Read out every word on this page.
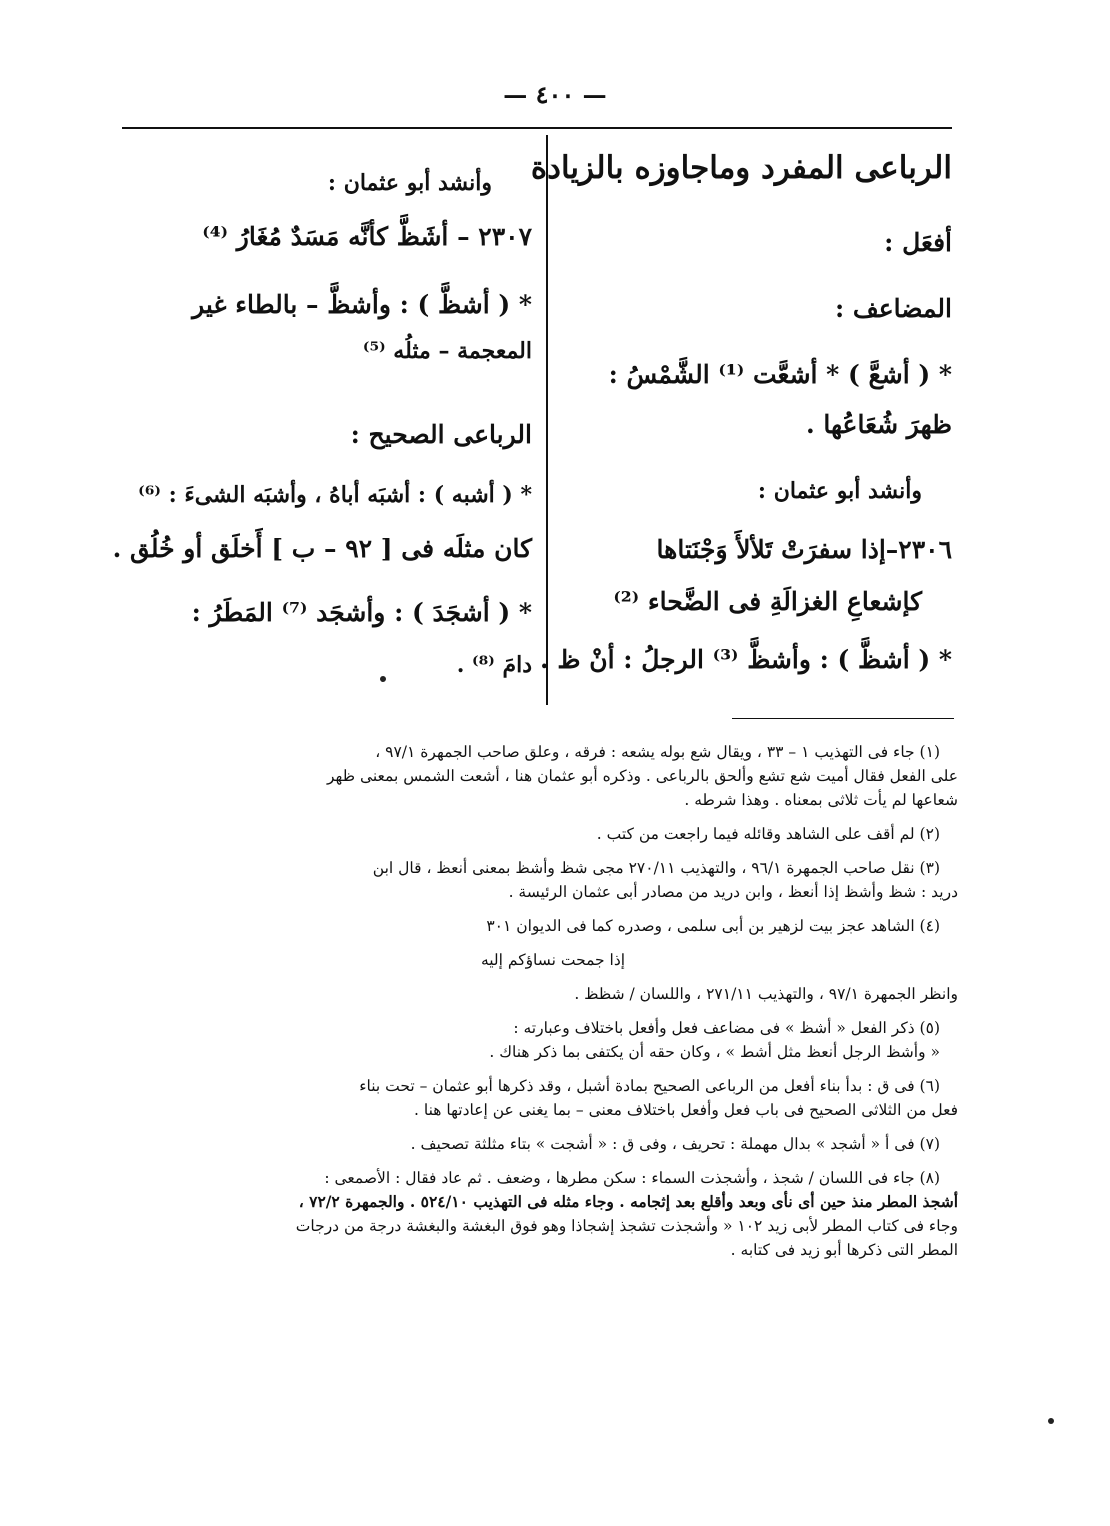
— ٤٠٠ —
الرباعى المفرد وماجاوزه بالزيادة
أفعَل :
المضاعف :
* ( أشعَّ ) * أشعَّت ⁽¹⁾ الشَّمْسُ :
ظهرَ شُعَاعُها .
وأنشد أبو عثمان :
٢٣٠٦–إذا سفرَتْ تَلألأَ وَجْنَتاها
كإشعاعِ الغزالَةِ فى الضَّحاء ⁽²⁾
* ( أشظَّ ) : وأشظَّ ⁽³⁾ الرجلُ : أنْ ظ .
وأنشد أبو عثمان :
٢٣٠٧ – أشَظَّ كأنَّه مَسَدٌ مُغَارُ ⁽⁴⁾
* ( أشظَّ ) : وأشظَّ – بالطاء غير
المعجمة – مثلُه ⁽⁵⁾
الرباعى الصحيح :
* ( أشبه ) : أشبَه أباهُ ، وأشبَه الشىءَ : ⁽⁶⁾
كان مثلَه فى [ ٩٢ – ب ] أَخلَق أو خُلُق .
* ( أشجَدَ ) : وأشجَد ⁽⁷⁾ المَطَرُ :
دامَ ⁽⁸⁾ .

(١) جاء فى التهذيب ١ – ٣٣ ، ويقال شع بوله يشعه : فرقه ، وعلق صاحب الجمهرة ٩٧/١ ،

على الفعل فقال أميت شع تشع وألحق بالرباعى . وذكره أبو عثمان هنا ، أشعت الشمس بمعنى ظهر

شعاعها لم يأت ثلاثى بمعناه . وهذا شرطه .

(٢) لم أقف على الشاهد وقائله فيما راجعت من كتب .

(٣) نقل صاحب الجمهرة ٩٦/١ ، والتهذيب ٢٧٠/١١ مجى شظ وأشظ بمعنى أنعظ ، قال ابن

دريد : شظ وأشظ إذا أنعظ ، وابن دريد من مصادر أبى عثمان الرئيسة .

(٤) الشاهد عجز بيت لزهير بن أبى سلمى ، وصدره كما فى الديوان ٣٠١

إذا جمحت نساؤكم إليه

وانظر الجمهرة ٩٧/١ ، والتهذيب ٢٧١/١١ ، واللسان / شظظ .

(٥) ذكر الفعل « أشظ » فى مضاعف فعل وأفعل باختلاف وعبارته :

« وأشظ الرجل أنعظ مثل أشط » ، وكان حقه أن يكتفى بما ذكر هناك .

(٦) فى ق : بدأ بناء أفعل من الرباعى الصحيح بمادة أشبل ، وقد ذكرها أبو عثمان – تحت بناء

فعل من الثلاثى الصحيح فى باب فعل وأفعل باختلاف معنى – بما يغنى عن إعادتها هنا .

(٧) فى أ « أشجد » بدال مهملة : تحريف ، وفى ق : « أشجت » بتاء مثلثة تصحيف .

(٨) جاء فى اللسان / شجذ ، وأشجذت السماء : سكن مطرها ، وضعف . ثم عاد فقال : الأصمعى :

أشجذ المطر منذ حين أى نأى وبعد وأقلع بعد إثجامه . وجاء مثله فى التهذيب ٥٢٤/١٠ . والجمهرة ٧٢/٢ ،

وجاء فى كتاب المطر لأبى زيد ١٠٢ « وأشجذت تشجذ إشجاذا وهو فوق البغشة والبغشة درجة من درجات

المطر التى ذكرها أبو زيد فى كتابه .
